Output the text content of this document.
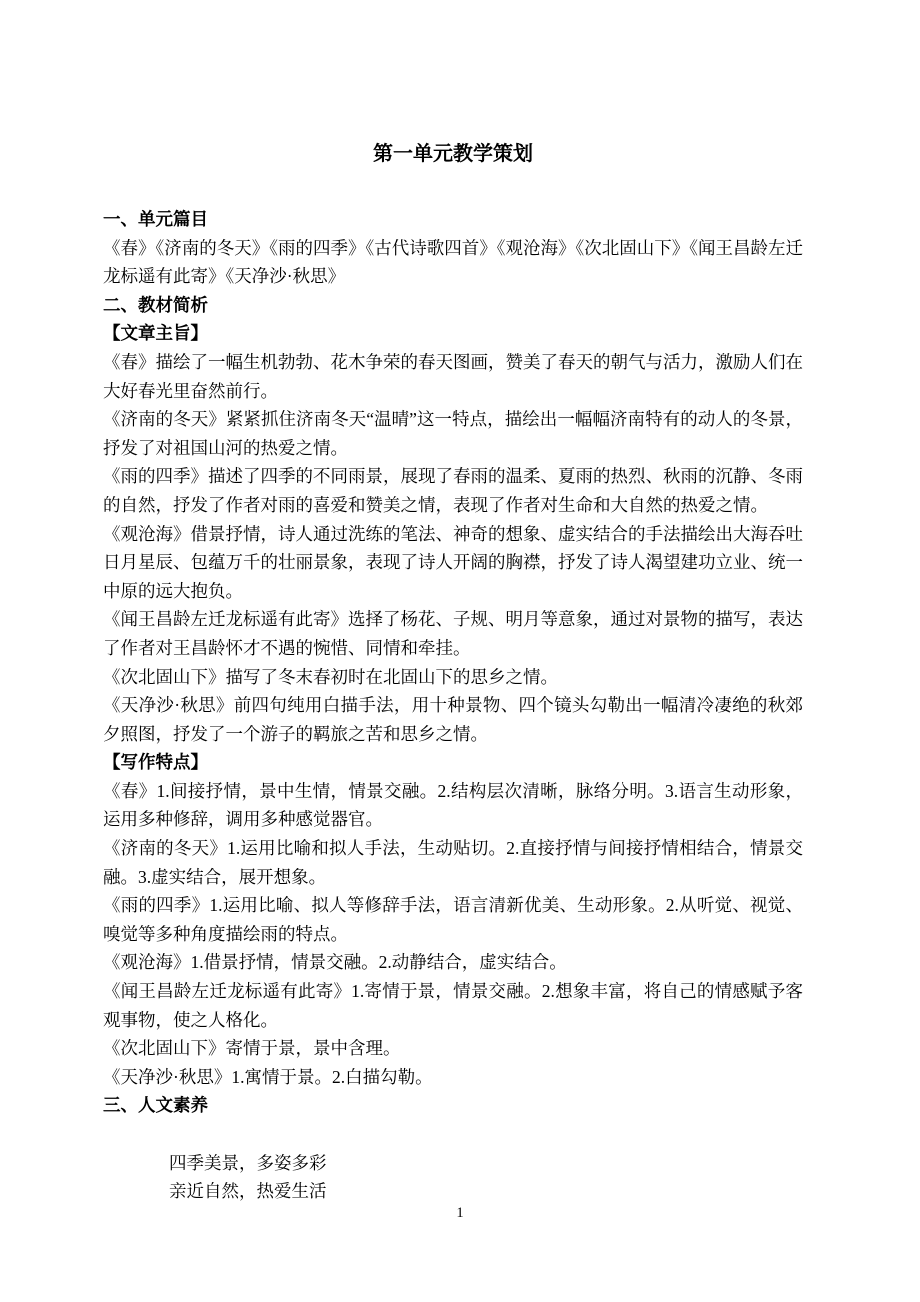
第一单元教学策划
一、单元篇目

《春》《济南的冬天》《雨的四季》《古代诗歌四首》《观沧海》《次北固山下》《闻王昌龄左迁龙标遥有此寄》《天净沙·秋思》

二、教材简析
【文章主旨】

《春》描绘了一幅生机勃勃、花木争荣的春天图画，赞美了春天的朝气与活力，激励人们在大好春光里奋然前行。

《济南的冬天》紧紧抓住济南冬天“温晴”这一特点，描绘出一幅幅济南特有的动人的冬景，抒发了对祖国山河的热爱之情。

《雨的四季》描述了四季的不同雨景，展现了春雨的温柔、夏雨的热烈、秋雨的沉静、冬雨的自然，抒发了作者对雨的喜爱和赞美之情，表现了作者对生命和大自然的热爱之情。

《观沧海》借景抒情，诗人通过洗练的笔法、神奇的想象、虚实结合的手法描绘出大海吞吐日月星辰、包蕴万千的壮丽景象，表现了诗人开阔的胸襟，抒发了诗人渴望建功立业、统一中原的远大抱负。

《闻王昌龄左迁龙标遥有此寄》选择了杨花、子规、明月等意象，通过对景物的描写，表达了作者对王昌龄怀才不遇的惋惜、同情和牵挂。

《次北固山下》描写了冬末春初时在北固山下的思乡之情。

《天净沙·秋思》前四句纯用白描手法，用十种景物、四个镜头勾勒出一幅清冷凄绝的秋郊夕照图，抒发了一个游子的羁旅之苦和思乡之情。

【写作特点】

《春》1.间接抒情，景中生情，情景交融。2.结构层次清晰，脉络分明。3.语言生动形象，运用多种修辞，调用多种感觉器官。

《济南的冬天》1.运用比喻和拟人手法，生动贴切。2.直接抒情与间接抒情相结合，情景交融。3.虚实结合，展开想象。

《雨的四季》1.运用比喻、拟人等修辞手法，语言清新优美、生动形象。2.从听觉、视觉、嗅觉等多种角度描绘雨的特点。

《观沧海》1.借景抒情，情景交融。2.动静结合，虚实结合。

《闻王昌龄左迁龙标遥有此寄》1.寄情于景，情景交融。2.想象丰富，将自己的情感赋予客观事物，使之人格化。

《次北固山下》寄情于景，景中含理。

《天净沙·秋思》1.寓情于景。2.白描勾勒。

三、人文素养

四季美景，多姿多彩

亲近自然，热爱生活

1
